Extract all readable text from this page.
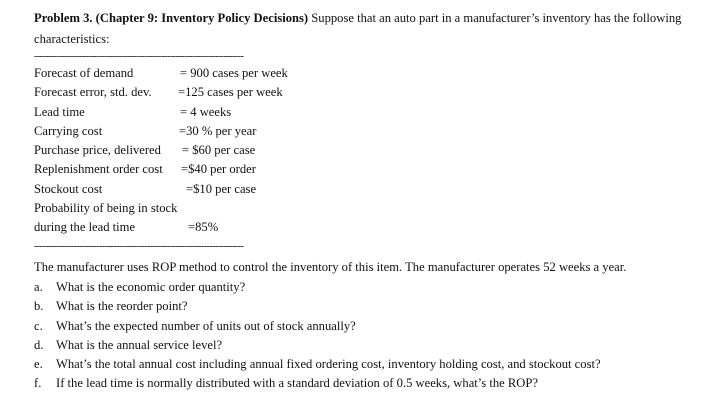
Problem 3. (Chapter 9: Inventory Policy Decisions) Suppose that an auto part in a manufacturer’s inventory has the following characteristics:
--------------------------------------------------------------------------
Forecast of demand	= 900 cases per week
Forecast error, std. dev. =125 cases per week
Lead time	= 4 weeks
Carrying cost	=30 % per year
Purchase price, delivered = $60 per case
Replenishment order cost =$40 per order
Stockout cost	=$10 per case
Probability of being in stock
during the lead time	=85%
--------------------------------------------------------------------------
The manufacturer uses ROP method to control the inventory of this item. The manufacturer operates 52 weeks a year.
a. What is the economic order quantity?
b. What is the reorder point?
c. What’s the expected number of units out of stock annually?
d. What is the annual service level?
e. What’s the total annual cost including annual fixed ordering cost, inventory holding cost, and stockout cost?
f. If the lead time is normally distributed with a standard deviation of 0.5 weeks, what’s the ROP?
